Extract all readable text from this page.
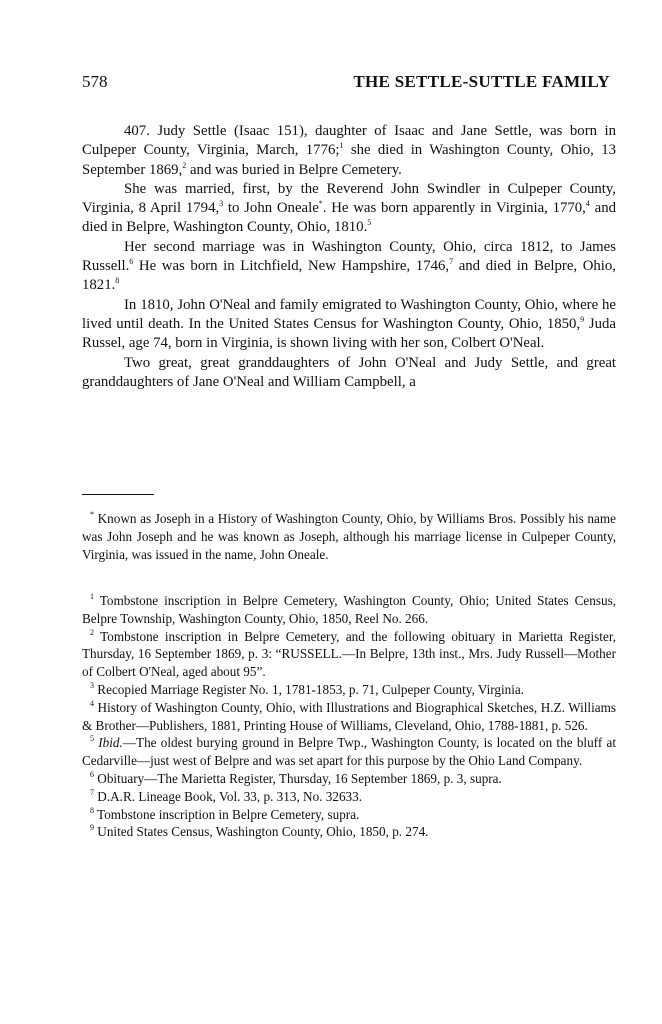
578	THE SETTLE-SUTTLE FAMILY

407. Judy Settle (Isaac 151), daughter of Isaac and Jane Settle, was born in Culpeper County, Virginia, March, 1776;$^1$ she died in Washington County, Ohio, 13 September 1869,$^2$ and was buried in Belpre Cemetery.

She was married, first, by the Reverend John Swindler in Culpeper County, Virginia, 8 April 1794,$^3$ to John Oneale*. He was born apparently in Virginia, 1770,$^4$ and died in Belpre, Washington County, Ohio, 1810.$^5$

Her second marriage was in Washington County, Ohio, circa 1812, to James Russell.$^6$ He was born in Litchfield, New Hampshire, 1746,$^7$ and died in Belpre, Ohio, 1821.$^8$

In 1810, John O'Neal and family emigrated to Washington County, Ohio, where he lived until death. In the United States Census for Washington County, Ohio, 1850,$^9$ Juda Russel, age 74, born in Virginia, is shown living with her son, Colbert O'Neal.

Two great, great granddaughters of John O'Neal and Judy Settle, and great granddaughters of Jane O'Neal and William Campbell, a

* Known as Joseph in a History of Washington County, Ohio, by Williams Bros. Possibly his name was John Joseph and he was known as Joseph, although his marriage license in Culpeper County, Virginia, was issued in the name, John Oneale.

$^1$ Tombstone inscription in Belpre Cemetery, Washington County, Ohio; United States Census, Belpre Township, Washington County, Ohio, 1850, Reel No. 266.

$^2$ Tombstone inscription in Belpre Cemetery, and the following obituary in Marietta Register, Thursday, 16 September 1869, p. 3: “RUSSELL.—In Belpre, 13th inst., Mrs. Judy Russell—Mother of Colbert O'Neal, aged about 95”.

$^3$ Recopied Marriage Register No. 1, 1781-1853, p. 71, Culpeper County, Virginia.

$^4$ History of Washington County, Ohio, with Illustrations and Biographical Sketches, H.Z. Williams & Brother—Publishers, 1881, Printing House of Williams, Cleveland, Ohio, 1788-1881, p. 526.

$^5$ Ibid.—The oldest burying ground in Belpre Twp., Washington County, is located on the bluff at Cedarville—just west of Belpre and was set apart for this purpose by the Ohio Land Company.

$^6$ Obituary—The Marietta Register, Thursday, 16 September 1869, p. 3, supra.

$^7$ D.A.R. Lineage Book, Vol. 33, p. 313, No. 32633.

$^8$ Tombstone inscription in Belpre Cemetery, supra.

$^9$ United States Census, Washington County, Ohio, 1850, p. 274.
